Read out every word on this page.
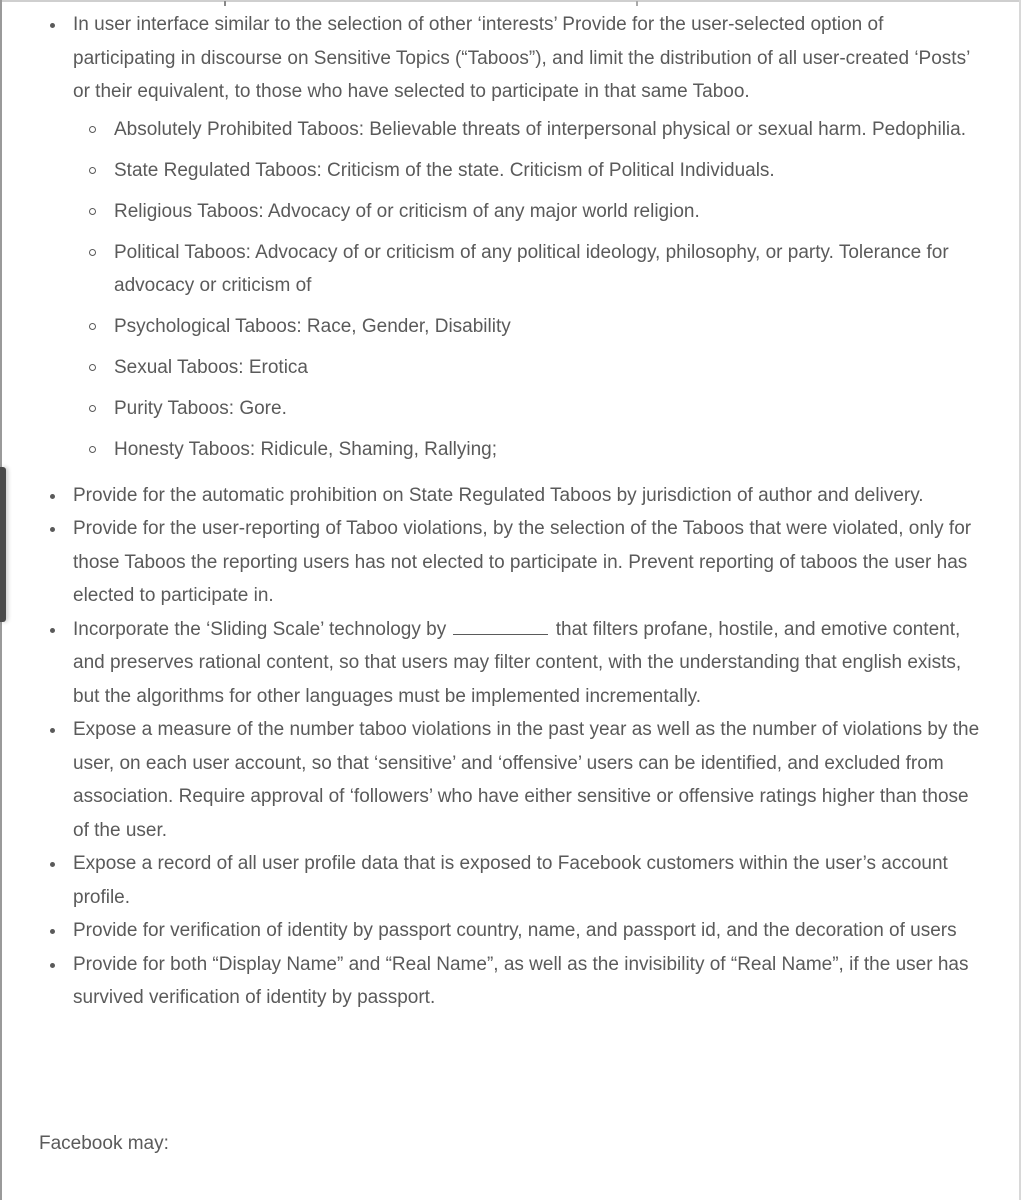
In user interface similar to the selection of other ‘interests’ Provide for the user-selected option of participating in discourse on Sensitive Topics (“Taboos”), and limit the distribution of all user-created ‘Posts’ or their equivalent, to those who have selected to participate in that same Taboo.
Absolutely Prohibited Taboos: Believable threats of interpersonal physical or sexual harm. Pedophilia.
State Regulated Taboos: Criticism of the state. Criticism of Political Individuals.
Religious Taboos: Advocacy of or criticism of any major world religion.
Political Taboos: Advocacy of or criticism of any political ideology, philosophy, or party. Tolerance for advocacy or criticism of
Psychological Taboos: Race, Gender, Disability
Sexual Taboos: Erotica
Purity Taboos: Gore.
Honesty Taboos: Ridicule, Shaming, Rallying;
Provide for the automatic prohibition on State Regulated Taboos by jurisdiction of author and delivery.
Provide for the user-reporting of Taboo violations, by the selection of the Taboos that were violated, only for those Taboos the reporting users has not elected to participate in. Prevent reporting of taboos the user has elected to participate in.
Incorporate the ‘Sliding Scale’ technology by	that filters profane, hostile, and emotive content, and preserves rational content, so that users may filter content, with the understanding that english exists, but the algorithms for other languages must be implemented incrementally.
Expose a measure of the number taboo violations in the past year as well as the number of violations by the user, on each user account, so that ‘sensitive’ and ‘offensive’ users can be identified, and excluded from association. Require approval of ‘followers’ who have either sensitive or offensive ratings higher than those of the user.
Expose a record of all user profile data that is exposed to Facebook customers within the user’s account profile.
Provide for verification of identity by passport country, name, and passport id, and the decoration of users
Provide for both “Display Name” and “Real Name”, as well as the invisibility of “Real Name”, if the user has survived verification of identity by passport.
Facebook may:
